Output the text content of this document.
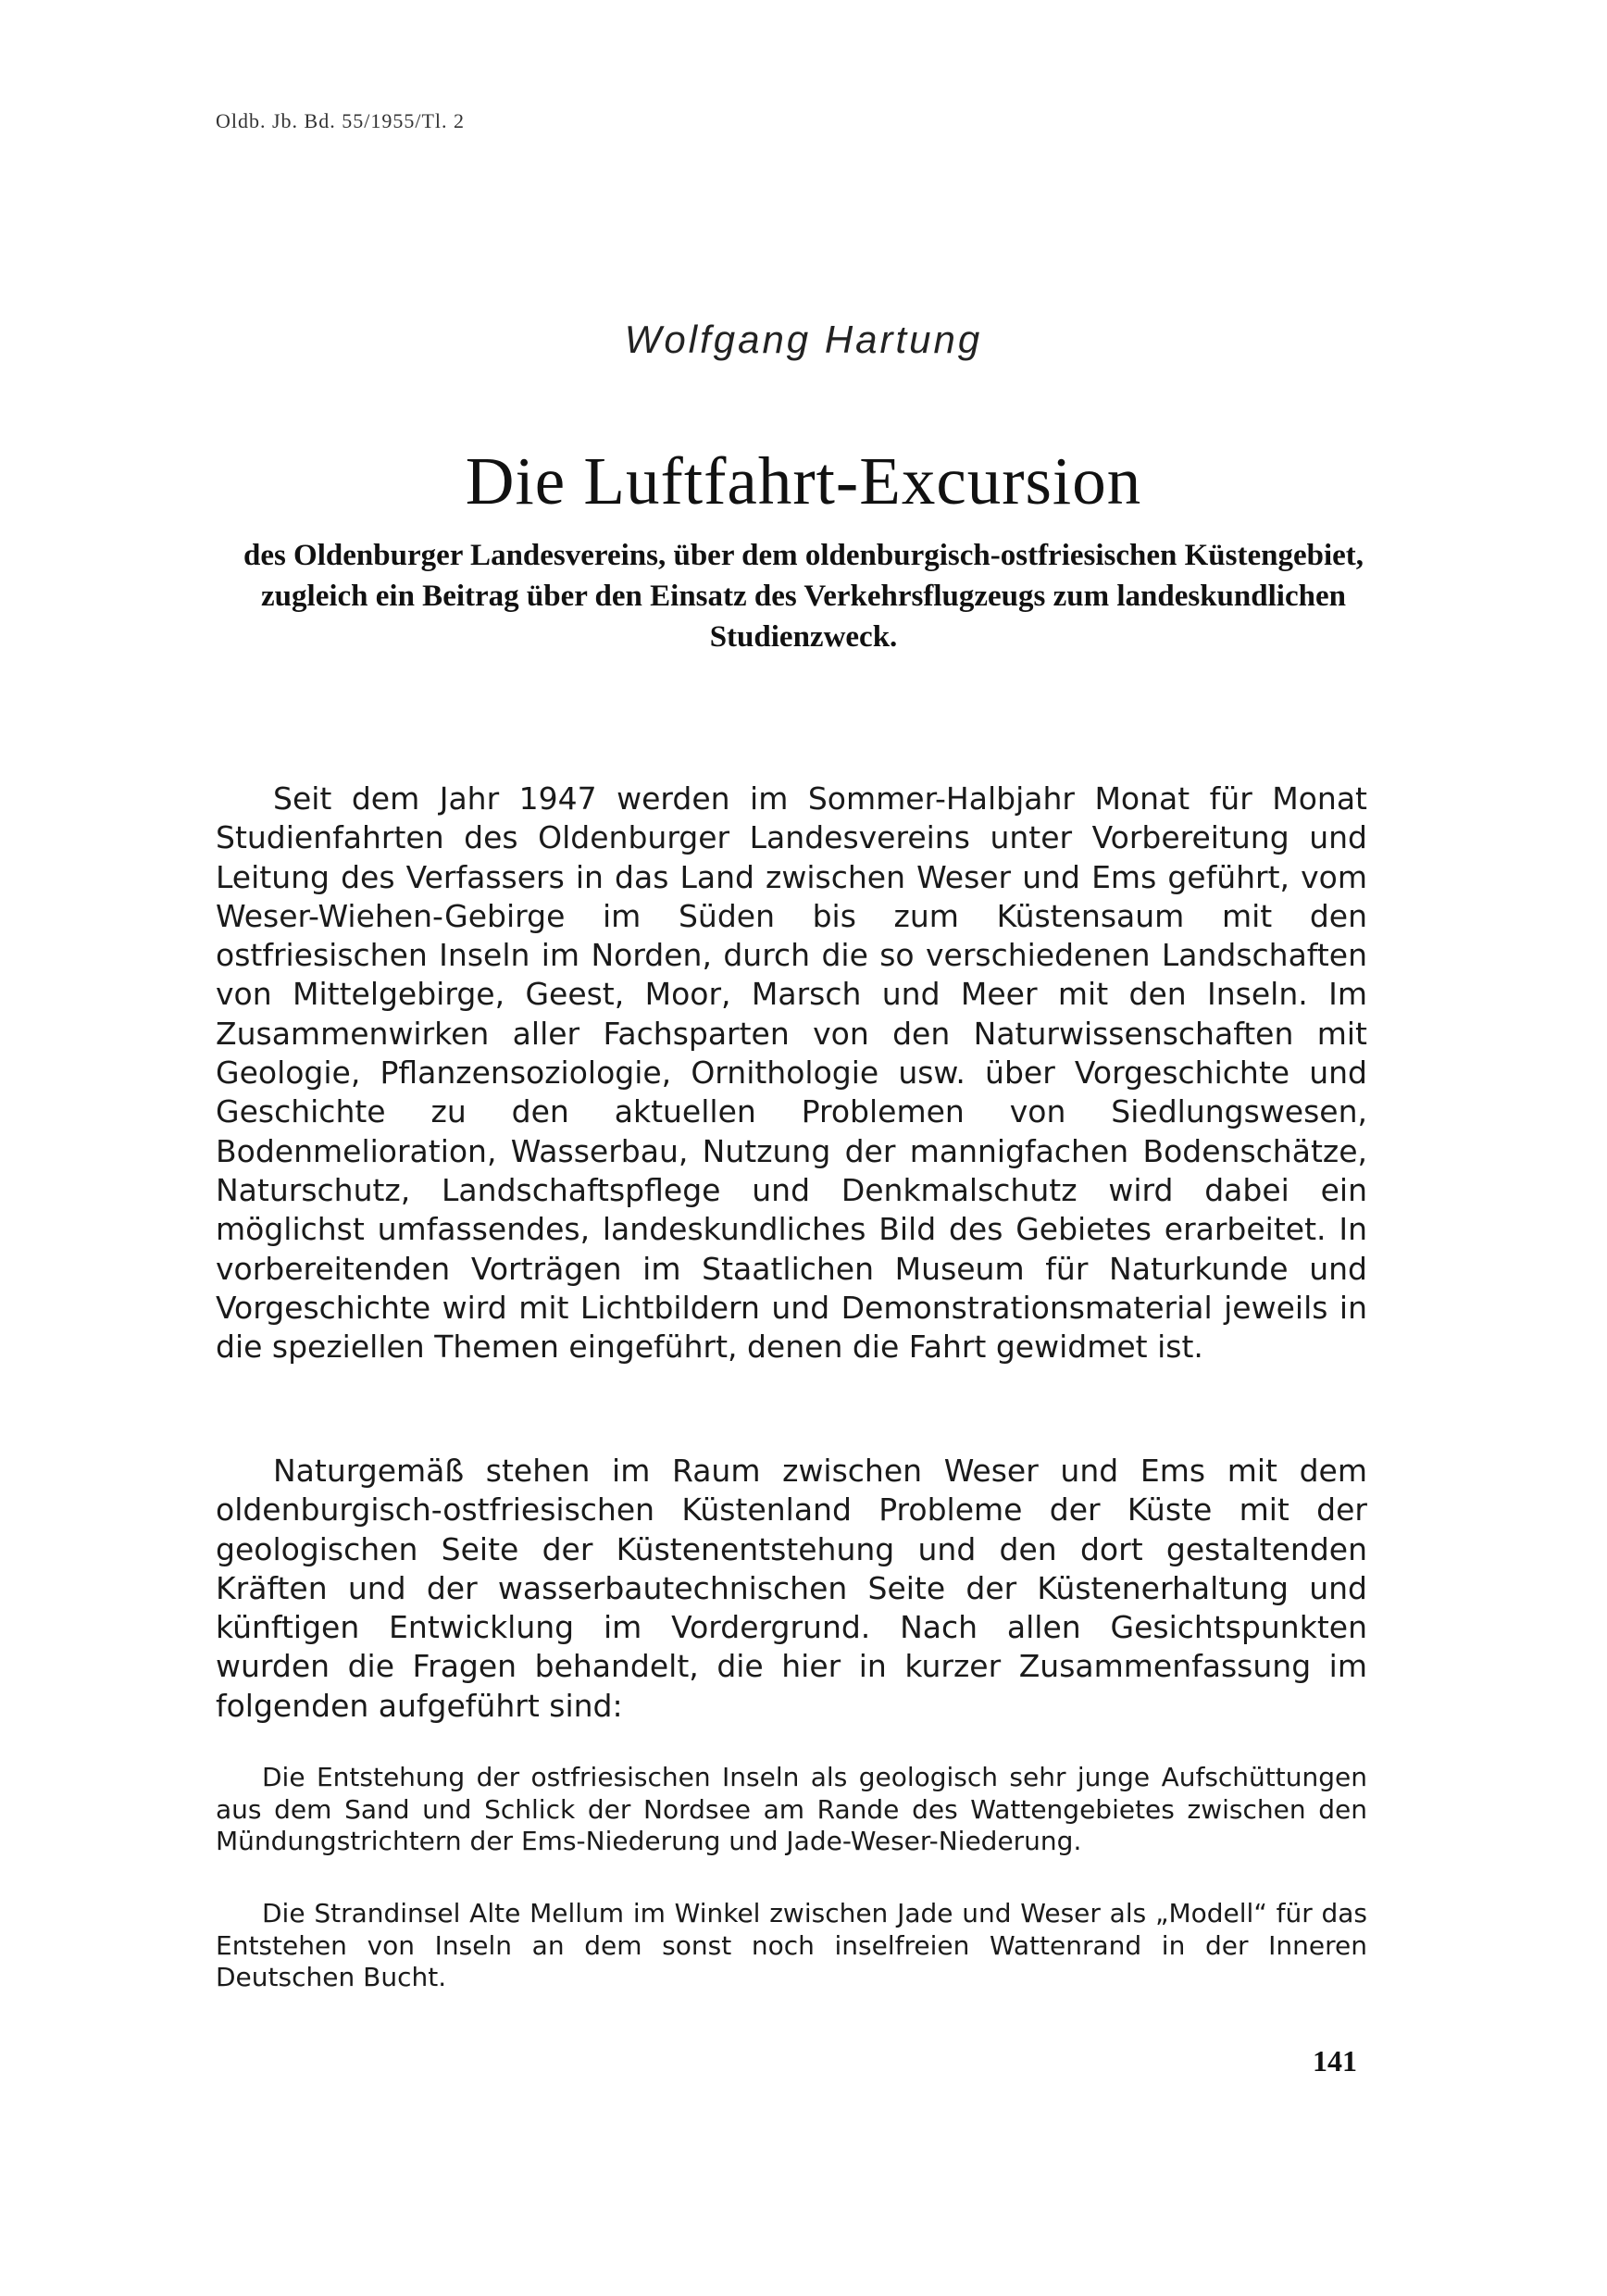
Oldb. Jb. Bd. 55/1955/Tl. 2
Wolfgang Hartung
Die Luftfahrt-Excursion
des Oldenburger Landesvereins, über dem oldenburgisch-ostfriesischen Küstengebiet, zugleich ein Beitrag über den Einsatz des Verkehrsflugzeugs zum landeskundlichen Studienzweck.

Seit dem Jahr 1947 werden im Sommer-Halbjahr Monat für Monat Studienfahrten des Oldenburger Landesvereins unter Vorbereitung und Leitung des Verfassers in das Land zwischen Weser und Ems geführt, vom Weser-Wiehen-Gebirge im Süden bis zum Küstensaum mit den ostfriesischen Inseln im Norden, durch die so verschiedenen Landschaften von Mittelgebirge, Geest, Moor, Marsch und Meer mit den Inseln. Im Zusammenwirken aller Fachsparten von den Naturwissenschaften mit Geologie, Pflanzensoziologie, Ornithologie usw. über Vorgeschichte und Geschichte zu den aktuellen Problemen von Siedlungswesen, Bodenmelioration, Wasserbau, Nutzung der mannigfachen Bodenschätze, Naturschutz, Landschaftspflege und Denkmalschutz wird dabei ein möglichst umfassendes, landeskundliches Bild des Gebietes erarbeitet. In vorbereitenden Vorträgen im Staatlichen Museum für Naturkunde und Vorgeschichte wird mit Lichtbildern und Demonstrationsmaterial jeweils in die speziellen Themen eingeführt, denen die Fahrt gewidmet ist.

Naturgemäß stehen im Raum zwischen Weser und Ems mit dem oldenburgisch-ostfriesischen Küstenland Probleme der Küste mit der geologischen Seite der Küstenentstehung und den dort gestaltenden Kräften und der wasserbautechnischen Seite der Küstenerhaltung und künftigen Entwicklung im Vordergrund. Nach allen Gesichtspunkten wurden die Fragen behandelt, die hier in kurzer Zusammenfassung im folgenden aufgeführt sind:

Die Entstehung der ostfriesischen Inseln als geologisch sehr junge Aufschüttungen aus dem Sand und Schlick der Nordsee am Rande des Wattengebietes zwischen den Mündungstrichtern der Ems-Niederung und Jade-Weser-Niederung.

Die Strandinsel Alte Mellum im Winkel zwischen Jade und Weser als „Modell“ für das Entstehen von Inseln an dem sonst noch inselfreien Wattenrand in der Inneren Deutschen Bucht.

141
